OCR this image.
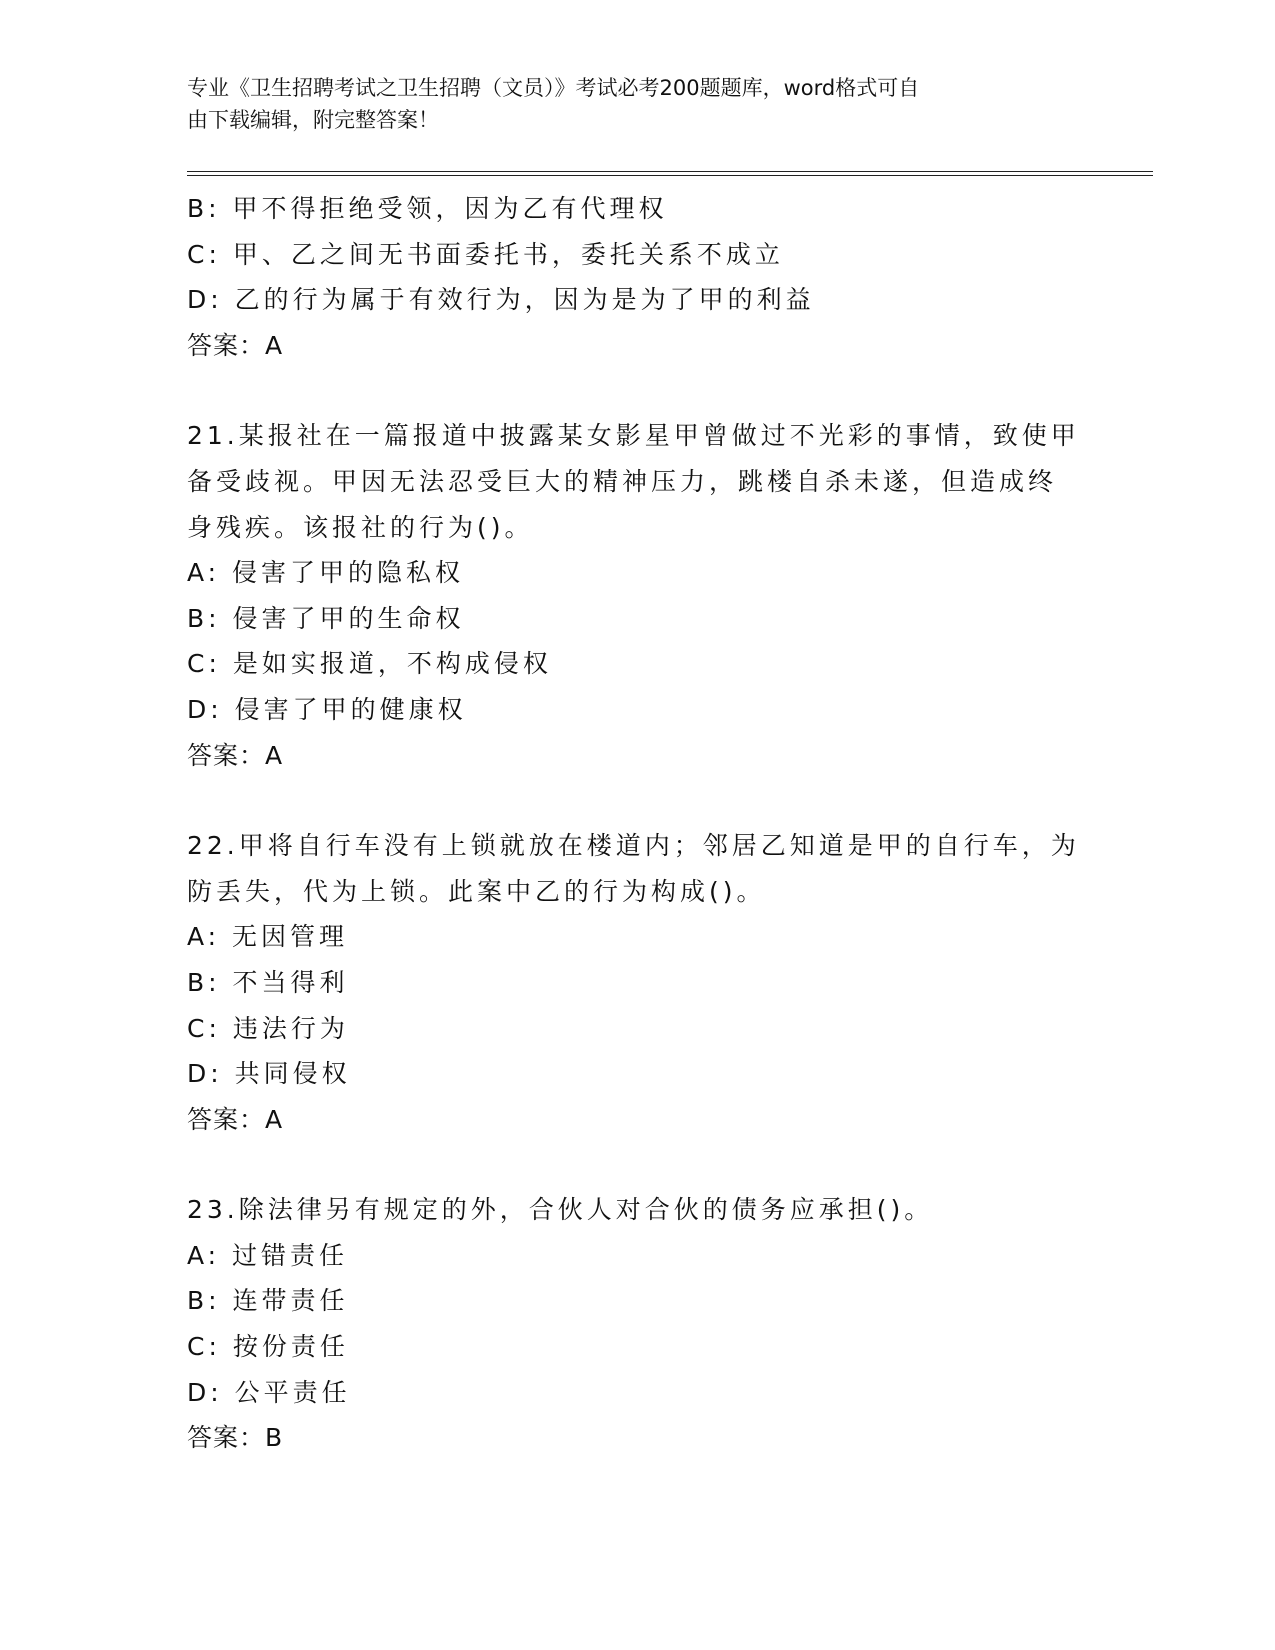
专业《卫生招聘考试之卫生招聘（文员）》考试必考200题题库，word格式可自
由下载编辑，附完整答案！
B: 甲不得拒绝受领，因为乙有代理权
C: 甲、乙之间无书面委托书，委托关系不成立
D: 乙的行为属于有效行为，因为是为了甲的利益
答案：A
21.某报社在一篇报道中披露某女影星甲曾做过不光彩的事情，致使甲
备受歧视。甲因无法忍受巨大的精神压力，跳楼自杀未遂，但造成终
身残疾。该报社的行为()。
A: 侵害了甲的隐私权
B: 侵害了甲的生命权
C: 是如实报道，不构成侵权
D: 侵害了甲的健康权
答案：A
22.甲将自行车没有上锁就放在楼道内；邻居乙知道是甲的自行车，为
防丢失，代为上锁。此案中乙的行为构成()。
A: 无因管理
B: 不当得利
C: 违法行为
D: 共同侵权
答案：A
23.除法律另有规定的外，合伙人对合伙的债务应承担()。
A: 过错责任
B: 连带责任
C: 按份责任
D: 公平责任
答案：B
